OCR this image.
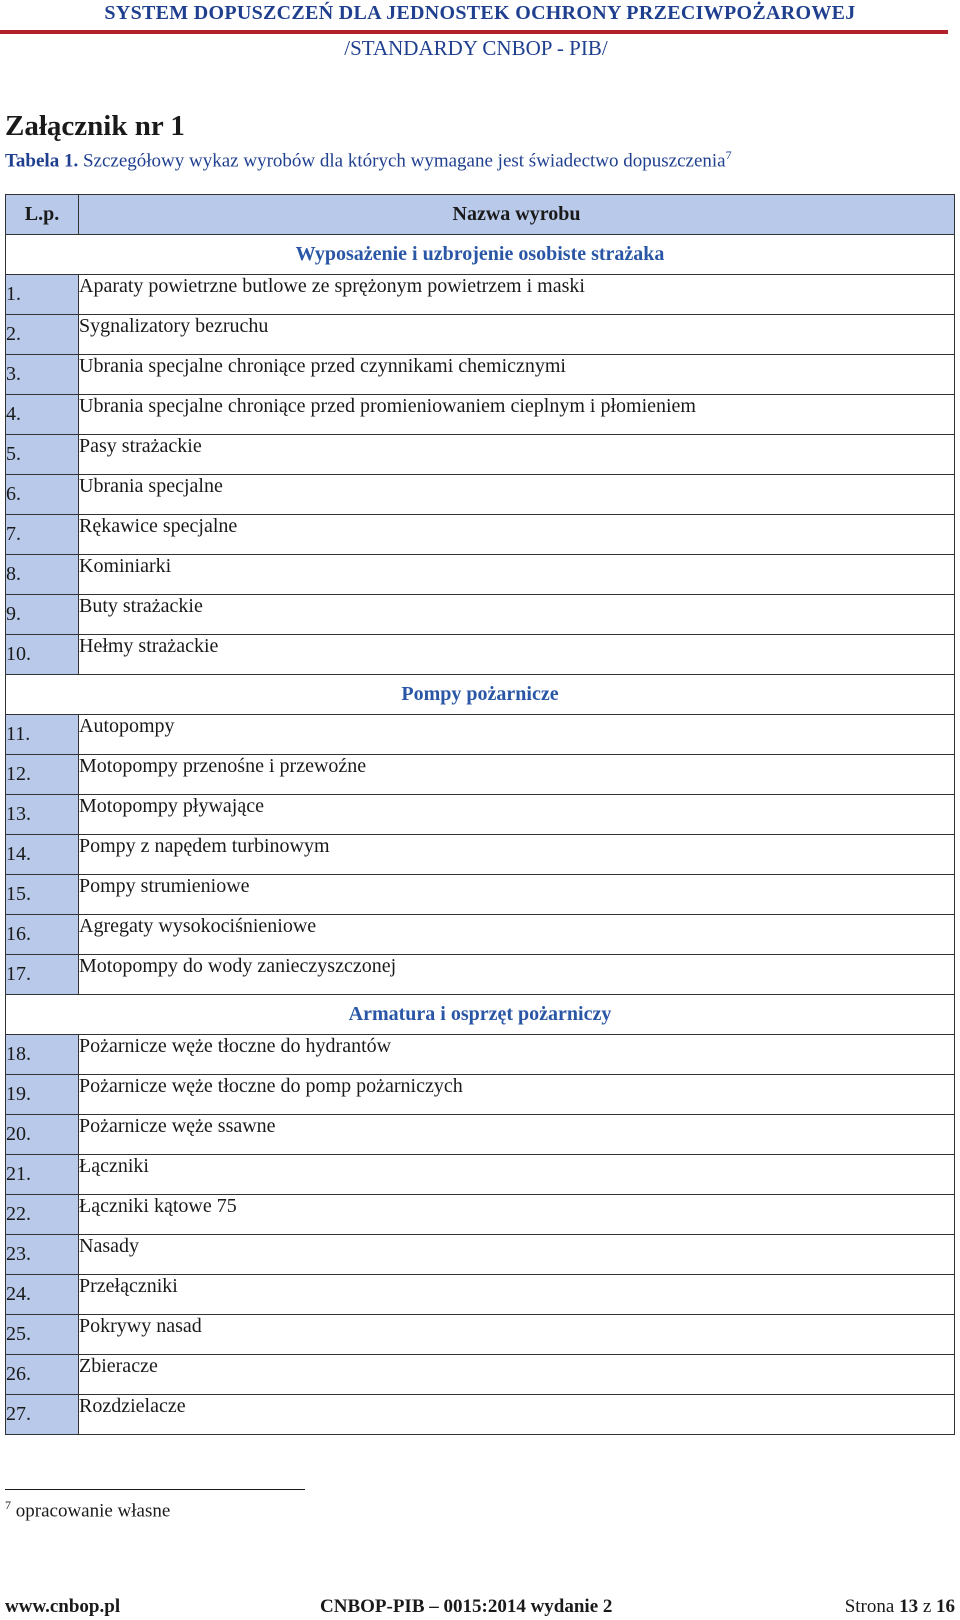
SYSTEM DOPUSZCZEŃ DLA JEDNOSTEK OCHRONY PRZECIWPOŻAROWEJ
/STANDARDY CNBOP - PIB/
Załącznik nr 1
Tabela 1. Szczegółowy wykaz wyrobów dla których wymagane jest świadectwo dopuszczenia$^7$
L.p.	Nazwa wyrobu
Wyposażenie i uzbrojenie osobiste strażaka	
1.	Aparaty powietrzne butlowe ze sprężonym powietrzem i maski
2.	Sygnalizatory bezruchu
3.	Ubrania specjalne chroniące przed czynnikami chemicznymi
4.	Ubrania specjalne chroniące przed promieniowaniem cieplnym i płomieniem
5.	Pasy strażackie
6.	Ubrania specjalne
7.	Rękawice specjalne
8.	Kominiarki
9.	Buty strażackie
10.	Hełmy strażackie
Pompy pożarnicze	
11.	Autopompy
12.	Motopompy przenośne i przewoźne
13.	Motopompy pływające
14.	Pompy z napędem turbinowym
15.	Pompy strumieniowe
16.	Agregaty wysokociśnieniowe
17.	Motopompy do wody zanieczyszczonej
Armatura i osprzęt pożarniczy	
18.	Pożarnicze węże tłoczne do hydrantów
19.	Pożarnicze węże tłoczne do pomp pożarniczych
20.	Pożarnicze węże ssawne
21.	Łączniki
22.	Łączniki kątowe 75
23.	Nasady
24.	Przełączniki
25.	Pokrywy nasad
26.	Zbieracze
27.	Rozdzielacze
$^7$ opracowanie własne
www.cnbop.pl	CNBOP-PIB – 0015:2014 wydanie 2	Strona 13 z 16
